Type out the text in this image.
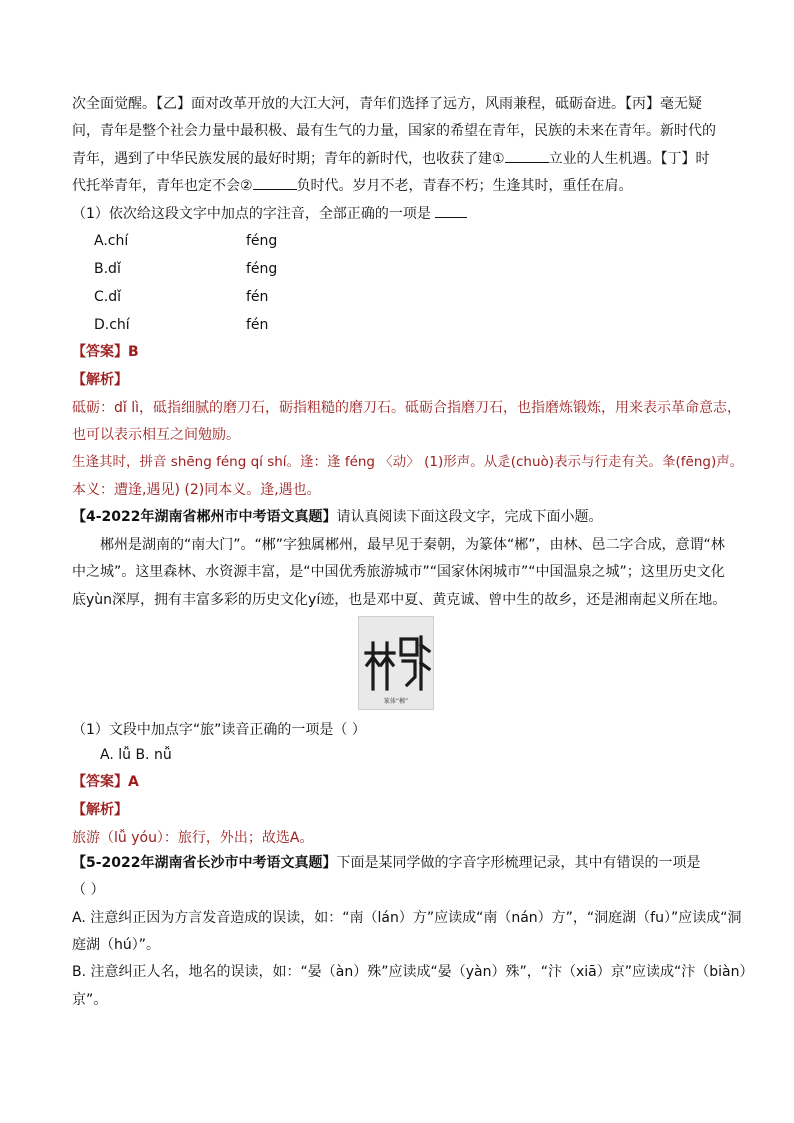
次全面觉醒。【乙】面对改革开放的大江大河，青年们选择了远方，风雨兼程，砥砺奋进。【丙】毫无疑
问，青年是整个社会力量中最积极、最有生气的力量，国家的希望在青年，民族的未来在青年。新时代的
青年，遇到了中华民族发展的最好时期；青年的新时代，也收获了建①	立业的人生机遇。【丁】时
代托举青年，青年也定不会②	负时代。岁月不老，青春不朽；生逢其时，重任在肩。
（1）依次给这段文字中加点的字注音，全部正确的一项是
A.chí	féng
B.dǐ	féng
C.dǐ	fén
D.chí	fén
【答案】B
【解析】
砥砺：dǐ lì，砥指细腻的磨刀石，砺指粗糙的磨刀石。砥砺合指磨刀石，也指磨炼锻炼，用来表示革命意志，
也可以表示相互之间勉励。
生逢其时，拼音 shēng féng qí shí。逢：逢 féng 〈动〉 (1)形声。从辵(chuò)表示与行走有关。夆(fēng)声。
本义：遭逢,遇见) (2)同本义。逢,遇也。
【4-2022年湖南省郴州市中考语文真题】请认真阅读下面这段文字，完成下面小题。
郴州是湖南的“南大门”。“郴”字独属郴州，最早见于秦朝，为篆体“郴”，由林、邑二字合成，意谓“林
中之城”。这里森林、水资源丰富，是“中国优秀旅游城市”“国家休闲城市”“中国温泉之城”；这里历史文化
底yùn深厚，拥有丰富多彩的历史文化yí迹，也是邓中夏、黄克诚、曾中生的故乡，还是湘南起义所在地。
篆体“郴”
（1）文段中加点字“旅”读音正确的一项是（ ）
A. lǚ B. nǚ
【答案】A
【解析】
旅游（lǚ yóu）：旅行，外出；故选A。
【5-2022年湖南省长沙市中考语文真题】下面是某同学做的字音字形梳理记录，其中有错误的一项是
（ ）
A. 注意纠正因为方言发音造成的误读，如：“南（lán）方”应读成“南（nán）方”，“洞庭湖（fu）”应读成“洞
庭湖（hú）”。
B. 注意纠正人名，地名的误读，如：“晏（àn）殊”应读成“晏（yàn）殊”，“汴（xiā）京”应读成“汴（biàn）
京”。
